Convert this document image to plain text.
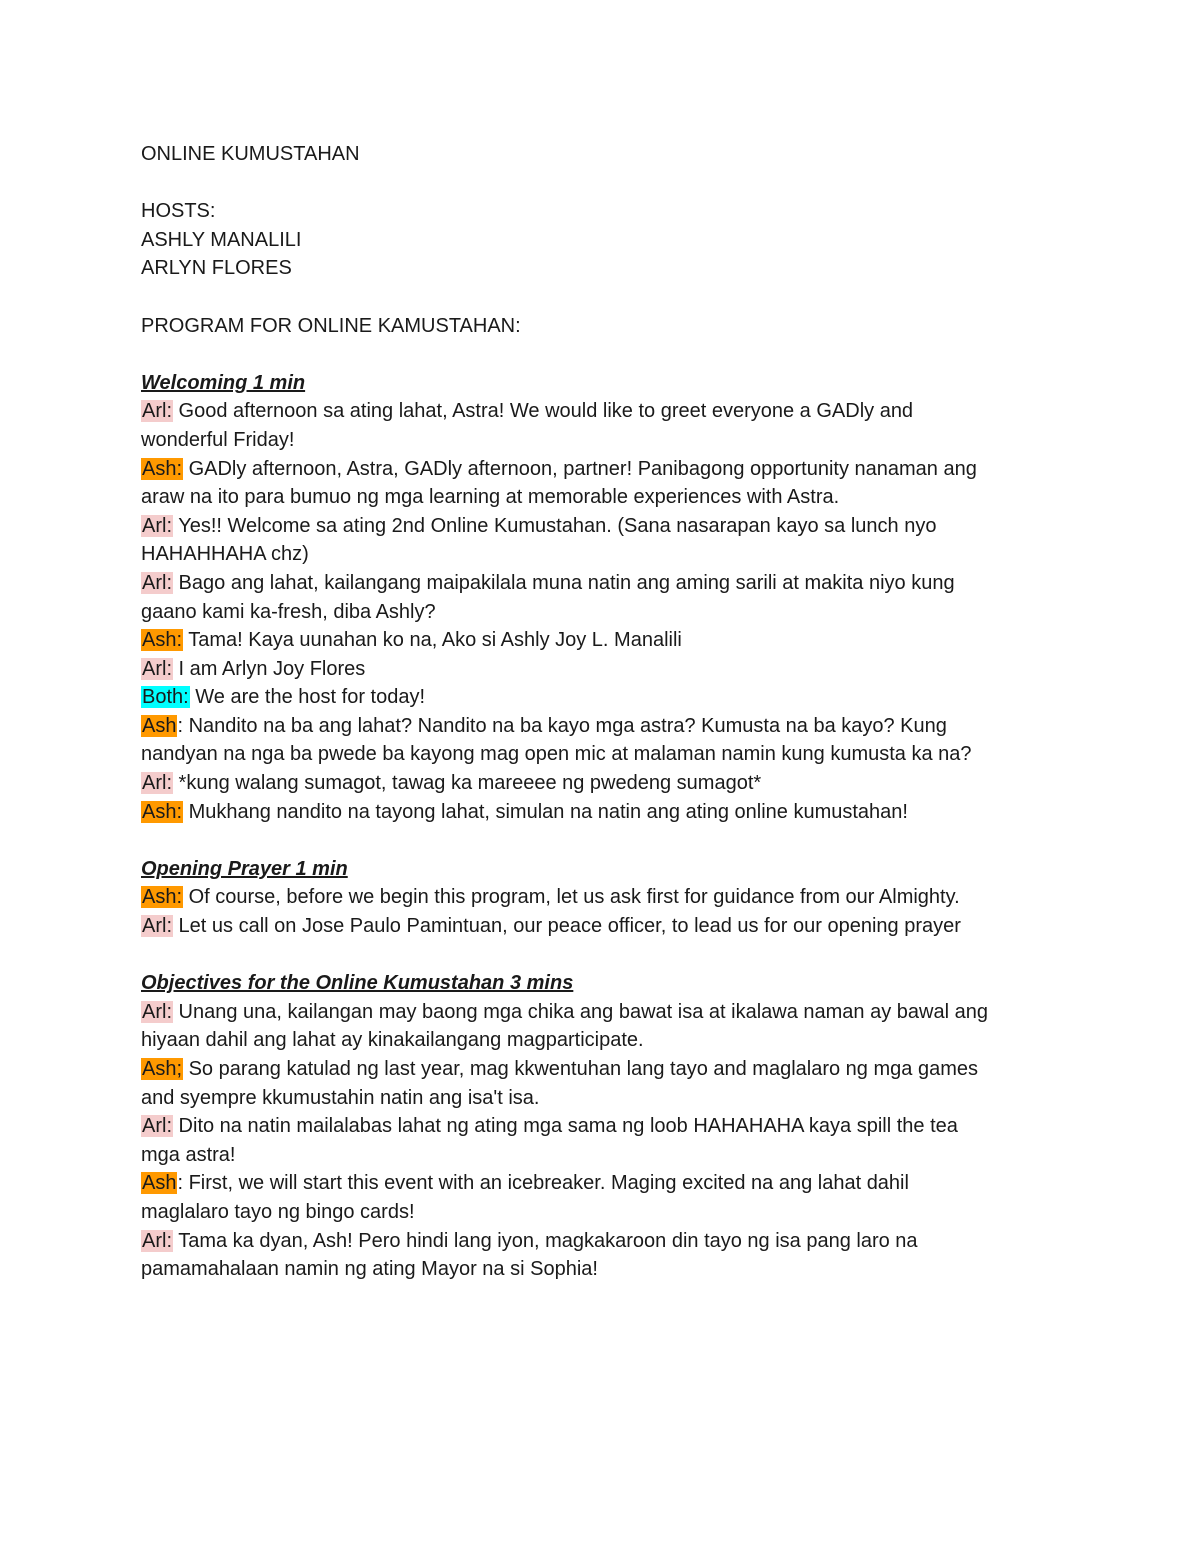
ONLINE KUMUSTAHAN
HOSTS:
ASHLY MANALILI
ARLYN FLORES
PROGRAM FOR ONLINE KAMUSTAHAN:
Welcoming 1 min

Arl: Good afternoon sa ating lahat, Astra! We would like to greet everyone a GADly and wonderful Friday!

Ash: GADly afternoon, Astra, GADly afternoon, partner! Panibagong opportunity nanaman ang araw na ito para bumuo ng mga learning at memorable experiences with Astra.

Arl: Yes!! Welcome sa ating 2nd Online Kumustahan. (Sana nasarapan kayo sa lunch nyo HAHAHHAHA chz)

Arl: Bago ang lahat, kailangang maipakilala muna natin ang aming sarili at makita niyo kung gaano kami ka-fresh, diba Ashly?

Ash: Tama! Kaya uunahan ko na, Ako si Ashly Joy L. Manalili

Arl: I am Arlyn Joy Flores

Both: We are the host for today!

Ash: Nandito na ba ang lahat? Nandito na ba kayo mga astra? Kumusta na ba kayo? Kung nandyan na nga ba pwede ba kayong mag open mic at malaman namin kung kumusta ka na?

Arl: *kung walang sumagot, tawag ka mareeee ng pwedeng sumagot*

Ash: Mukhang nandito na tayong lahat, simulan na natin ang ating online kumustahan!

Opening Prayer 1 min

Ash: Of course, before we begin this program, let us ask first for guidance from our Almighty.

Arl: Let us call on Jose Paulo Pamintuan, our peace officer, to lead us for our opening prayer

Objectives for the Online Kumustahan 3 mins

Arl: Unang una, kailangan may baong mga chika ang bawat isa at ikalawa naman ay bawal ang hiyaan dahil ang lahat ay kinakailangang magparticipate.

Ash; So parang katulad ng last year, mag kkwentuhan lang tayo and maglalaro ng mga games and syempre kkumustahin natin ang isa't isa.

Arl: Dito na natin mailalabas lahat ng ating mga sama ng loob HAHAHAHA kaya spill the tea mga astra!

Ash: First, we will start this event with an icebreaker. Maging excited na ang lahat dahil maglalaro tayo ng bingo cards!

Arl: Tama ka dyan, Ash! Pero hindi lang iyon, magkakaroon din tayo ng isa pang laro na pamamahalaan namin ng ating Mayor na si Sophia!
